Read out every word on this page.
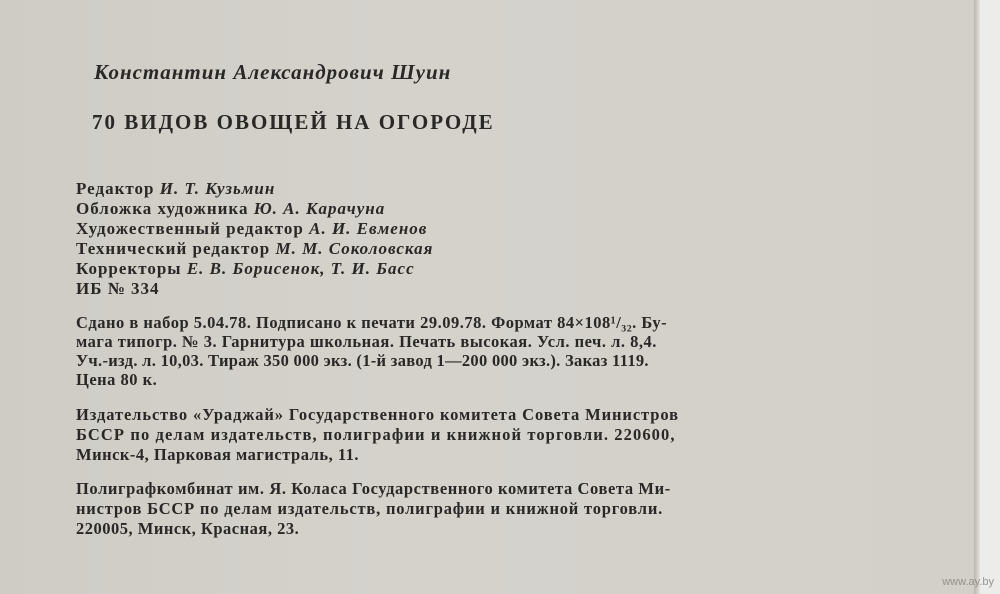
Константин Александрович Шуин
70 ВИДОВ ОВОЩЕЙ НА ОГОРОДЕ
Редактор И. Т. Кузьмин
Обложка художника Ю. А. Карачуна
Художественный редактор А. И. Евменов
Технический редактор М. М. Соколовская
Корректоры Е. В. Борисенок, Т. И. Басс
ИБ № 334
Сдано в набор 5.04.78. Подписано к печати 29.09.78. Формат 84×108¹/₃₂. Бу-
мага типогр. № 3. Гарнитура школьная. Печать высокая. Усл. печ. л. 8,4.
Уч.-изд. л. 10,03. Тираж 350 000 экз. (1-й завод 1—200 000 экз.). Заказ 1119.
Цена 80 к.
Издательство «Ураджай» Государственного комитета Совета Министров
БССР по делам издательств, полиграфии и книжной торговли. 220600,
Минск-4, Парковая магистраль, 11.
Полиграфкомбинат им. Я. Коласа Государственного комитета Совета Ми-
нистров БССР по делам издательств, полиграфии и книжной торговли.
220005, Минск, Красная, 23.
www.ay.by
